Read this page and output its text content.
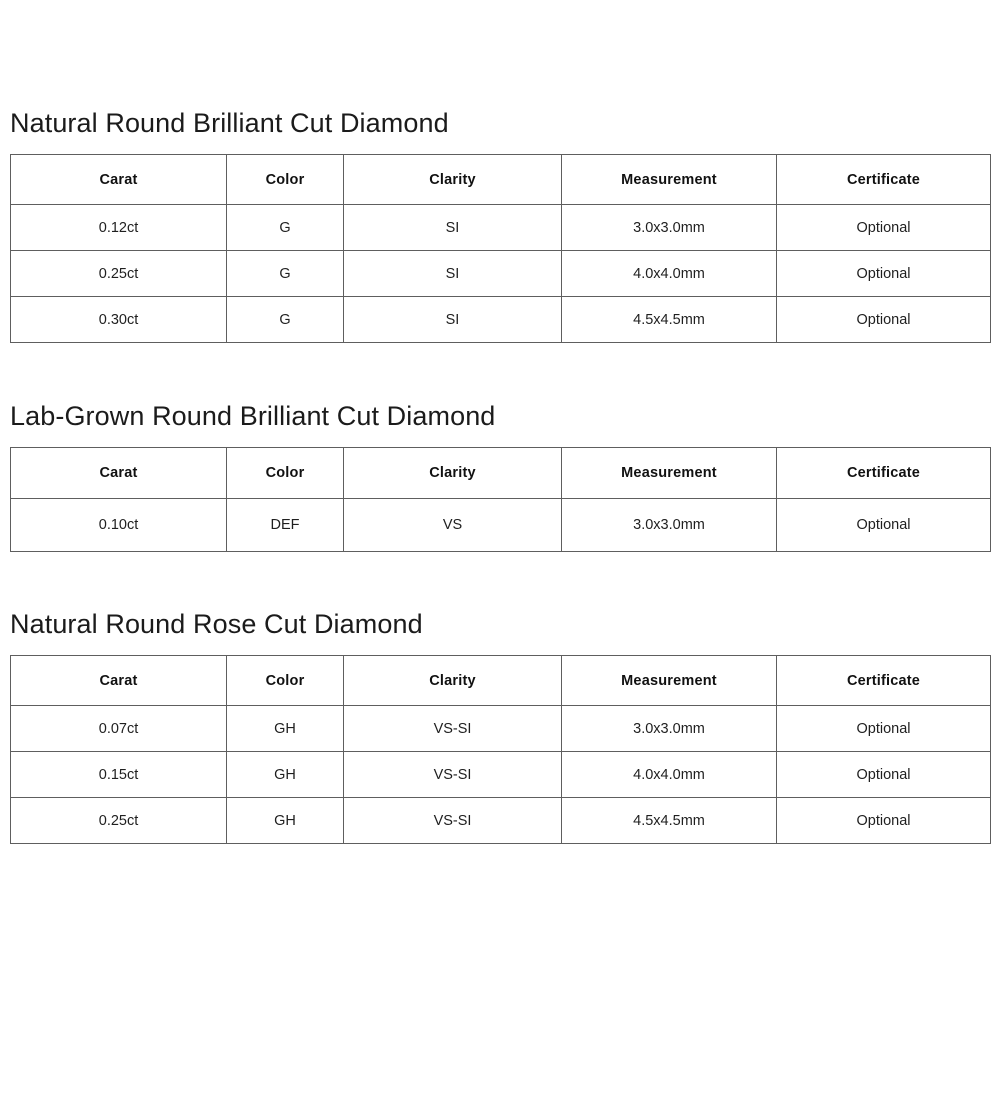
Natural Round Brilliant Cut Diamond
Carat	Color	Clarity	Measurement	Certificate
0.12ct	G	SI	3.0x3.0mm	Optional
0.25ct	G	SI	4.0x4.0mm	Optional
0.30ct	G	SI	4.5x4.5mm	Optional
Lab-Grown Round Brilliant Cut Diamond
Carat	Color	Clarity	Measurement	Certificate
0.10ct	DEF	VS	3.0x3.0mm	Optional
Natural Round Rose Cut Diamond
Carat	Color	Clarity	Measurement	Certificate
0.07ct	GH	VS-SI	3.0x3.0mm	Optional
0.15ct	GH	VS-SI	4.0x4.0mm	Optional
0.25ct	GH	VS-SI	4.5x4.5mm	Optional
